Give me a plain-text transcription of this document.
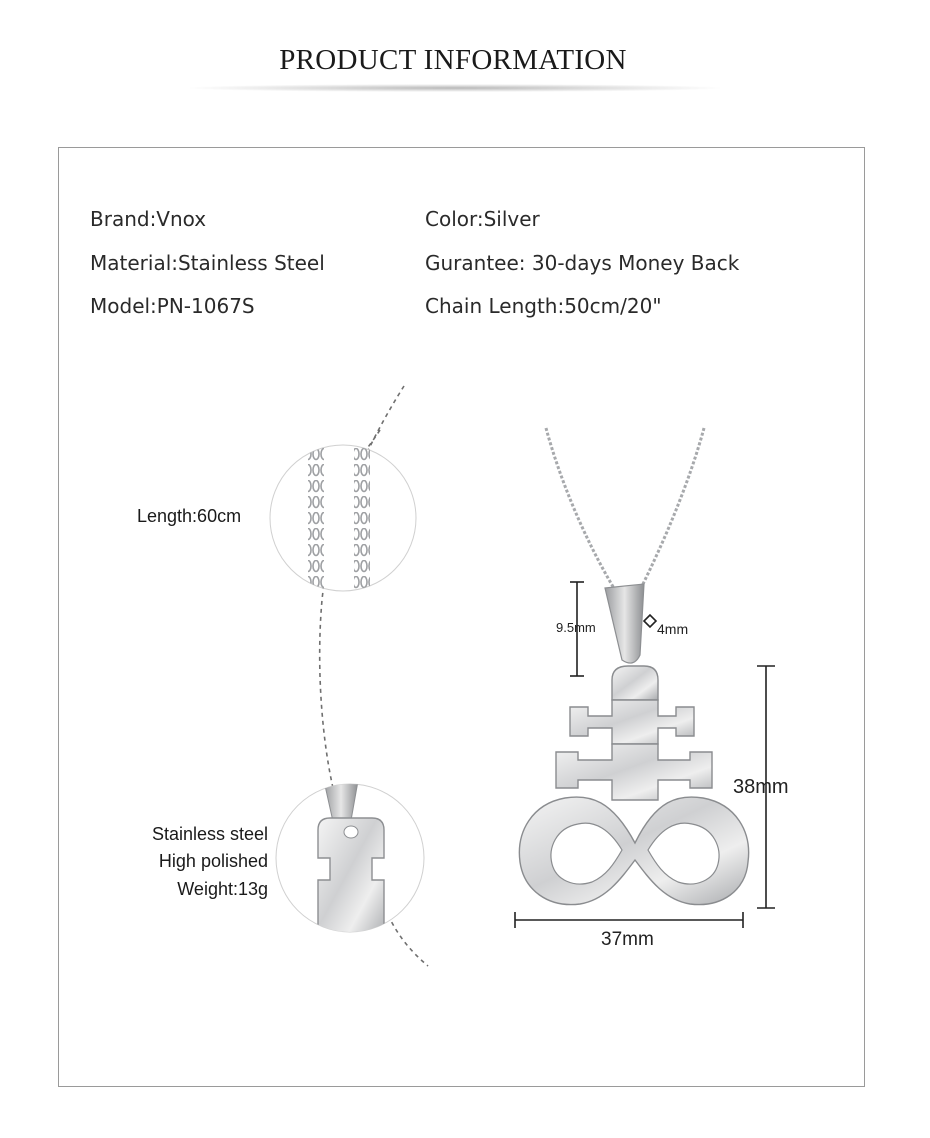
PRODUCT INFORMATION
Brand:Vnox
Material:Stainless Steel
Model:PN-1067S
Color:Silver
Gurantee: 30-days Money Back
Chain Length:50cm/20"
Length:60cm
Stainless steel
High polished
Weight:13g
9.5mm	4mm
38mm
37mm
